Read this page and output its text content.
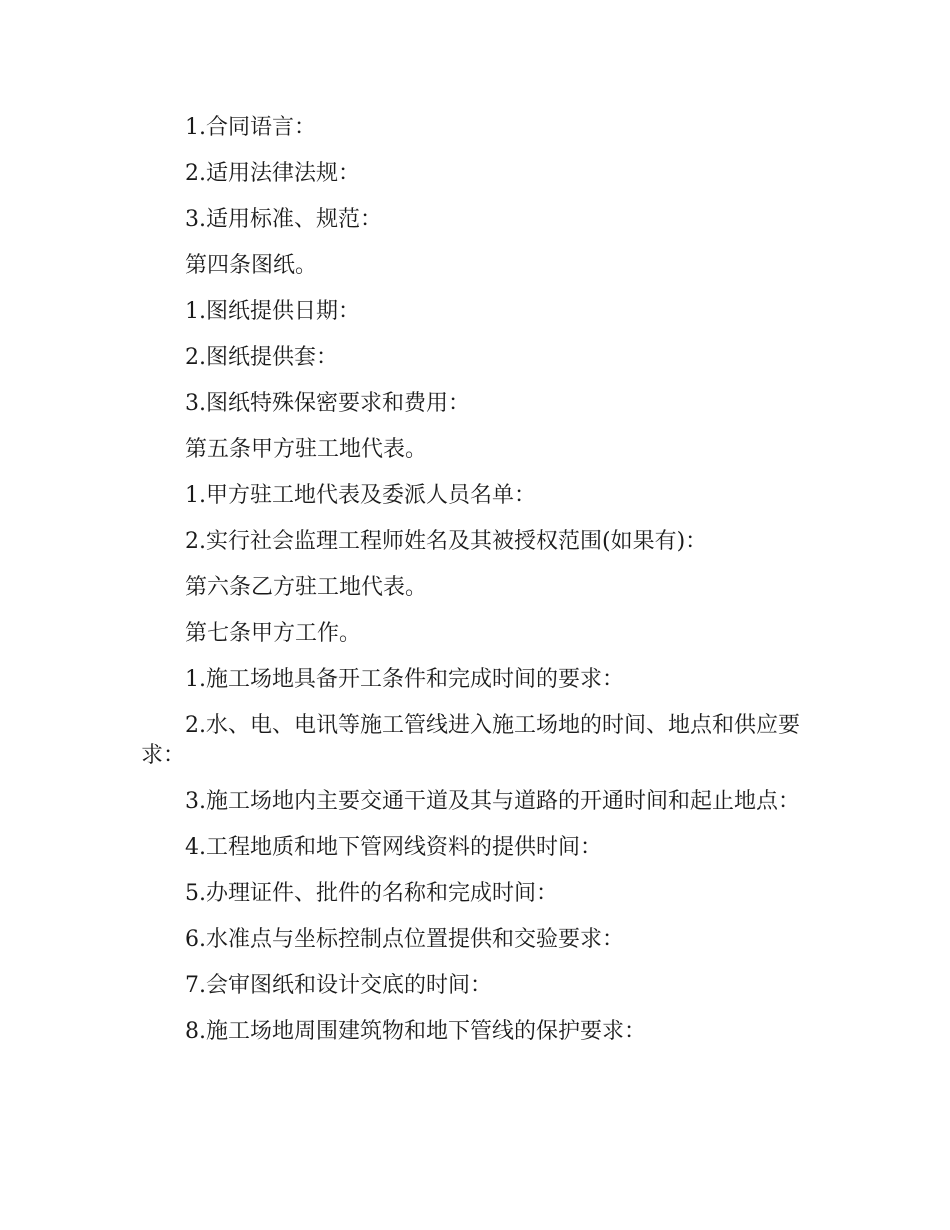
1.合同语言：

2.适用法律法规：

3.适用标准、规范：

第四条图纸。

1.图纸提供日期：

2.图纸提供套：

3.图纸特殊保密要求和费用：

第五条甲方驻工地代表。

1.甲方驻工地代表及委派人员名单：

2.实行社会监理工程师姓名及其被授权范围(如果有)：

第六条乙方驻工地代表。

第七条甲方工作。

1.施工场地具备开工条件和完成时间的要求：

2.水、电、电讯等施工管线进入施工场地的时间、地点和供应要求：

3.施工场地内主要交通干道及其与道路的开通时间和起止地点：

4.工程地质和地下管网线资料的提供时间：

5.办理证件、批件的名称和完成时间：

6.水准点与坐标控制点位置提供和交验要求：

7.会审图纸和设计交底的时间：

8.施工场地周围建筑物和地下管线的保护要求：
